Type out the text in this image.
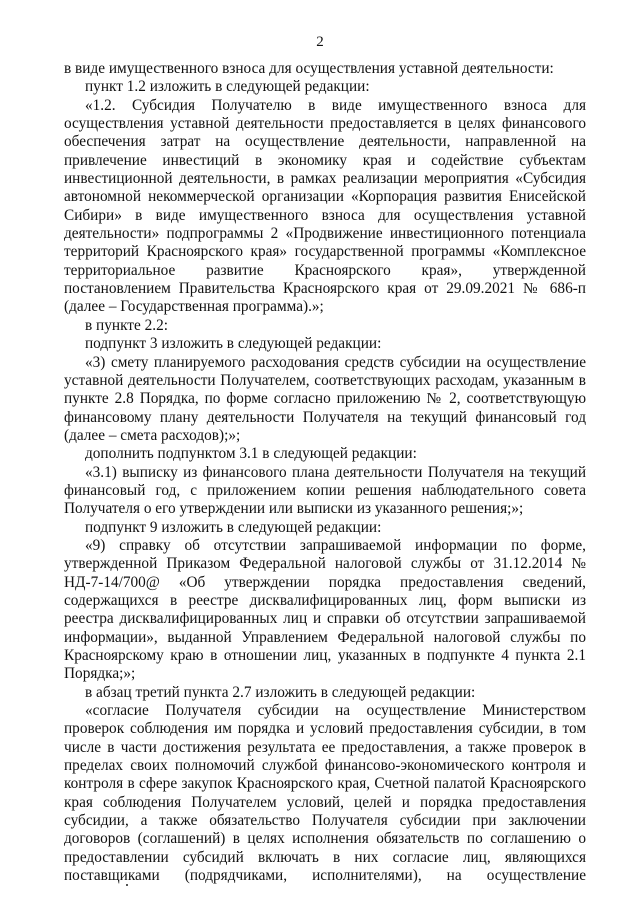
2

в виде имущественного взноса для осуществления уставной деятельности:

пункт 1.2 изложить в следующей редакции:

«1.2. Субсидия Получателю в виде имущественного взноса для осуществления уставной деятельности предоставляется в целях финансового обеспечения затрат на осуществление деятельности, направленной на привлечение инвестиций в экономику края и содействие субъектам инвестиционной деятельности, в рамках реализации мероприятия «Субсидия автономной некоммерческой организации «Корпорация развития Енисейской Сибири» в виде имущественного взноса для осуществления уставной деятельности» подпрограммы 2 «Продвижение инвестиционного потенциала территорий Красноярского края» государственной программы «Комплексное территориальное развитие Красноярского края», утвержденной постановлением Правительства Красноярского края от 29.09.2021 № 686-п (далее – Государственная программа).»;

в пункте 2.2:

подпункт 3 изложить в следующей редакции:

«3) смету планируемого расходования средств субсидии на осуществление уставной деятельности Получателем, соответствующих расходам, указанным в пункте 2.8 Порядка, по форме согласно приложению № 2, соответствующую финансовому плану деятельности Получателя на текущий финансовый год (далее – смета расходов);»;

дополнить подпунктом 3.1 в следующей редакции:

«3.1) выписку из финансового плана деятельности Получателя на текущий финансовый год, с приложением копии решения наблюдательного совета Получателя о его утверждении или выписки из указанного решения;»;

подпункт 9 изложить в следующей редакции:

«9) справку об отсутствии запрашиваемой информации по форме, утвержденной Приказом Федеральной налоговой службы от 31.12.2014 № НД-7-14/700@ «Об утверждении порядка предоставления сведений, содержащихся в реестре дисквалифицированных лиц, форм выписки из реестра дисквалифицированных лиц и справки об отсутствии запрашиваемой информации», выданной Управлением Федеральной налоговой службы по Красноярскому краю в отношении лиц, указанных в подпункте 4 пункта 2.1 Порядка;»;

в абзац третий пункта 2.7 изложить в следующей редакции:

«согласие Получателя субсидии на осуществление Министерством проверок соблюдения им порядка и условий предоставления субсидии, в том числе в части достижения результата ее предоставления, а также проверок в пределах своих полномочий службой финансово-экономического контроля и контроля в сфере закупок Красноярского края, Счетной палатой Красноярского края соблюдения Получателем условий, целей и порядка предоставления субсидии, а также обязательство Получателя субсидии при заключении договоров (соглашений) в целях исполнения обязательств по соглашению о предоставлении субсидий включать в них согласие лиц, являющихся поставщиками (подрядчиками, исполнителями), на осуществление
